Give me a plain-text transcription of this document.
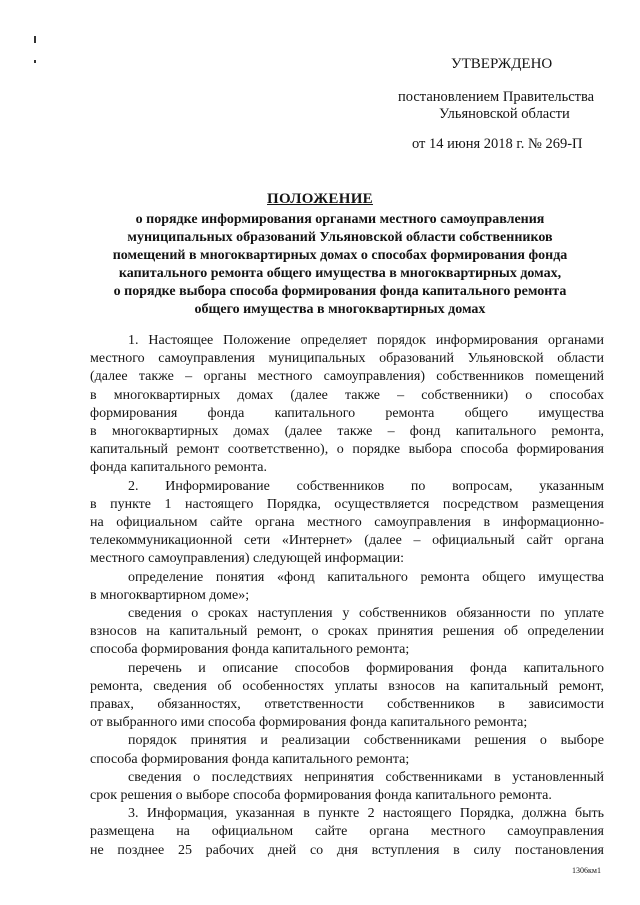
УТВЕРЖДЕНО
постановлением Правительства
Ульяновской области
от 14 июня 2018 г. № 269-П
ПОЛОЖЕНИЕ
о порядке информирования органами местного самоуправления
муниципальных образований Ульяновской области собственников
помещений в многоквартирных домах о способах формирования фонда
капитального ремонта общего имущества в многоквартирных домах,
о порядке выбора способа формирования фонда капитального ремонта
общего имущества в многоквартирных домах
1. Настоящее Положение определяет порядок информирования органами
местного самоуправления муниципальных образований Ульяновской области
(далее также – органы местного самоуправления) собственников помещений
в многоквартирных домах (далее также – собственники) о способах
формирования фонда капитального ремонта общего имущества
в многоквартирных домах (далее также – фонд капитального ремонта,
капитальный ремонт соответственно), о порядке выбора способа формирования
фонда капитального ремонта.
2. Информирование собственников по вопросам, указанным
в пункте 1 настоящего Порядка, осуществляется посредством размещения
на официальном сайте органа местного самоуправления в информационно-
телекоммуникационной сети «Интернет» (далее – официальный сайт органа
местного самоуправления) следующей информации:
определение понятия «фонд капитального ремонта общего имущества
в многоквартирном доме»;
сведения о сроках наступления у собственников обязанности по уплате
взносов на капитальный ремонт, о сроках принятия решения об определении
способа формирования фонда капитального ремонта;
перечень и описание способов формирования фонда капитального
ремонта, сведения об особенностях уплаты взносов на капитальный ремонт,
правах, обязанностях, ответственности собственников в зависимости
от выбранного ими способа формирования фонда капитального ремонта;
порядок принятия и реализации собственниками решения о выборе
способа формирования фонда капитального ремонта;
сведения о последствиях непринятия собственниками в установленный
срок решения о выборе способа формирования фонда капитального ремонта.
3. Информация, указанная в пункте 2 настоящего Порядка, должна быть
размещена на официальном сайте органа местного самоуправления
не позднее 25 рабочих дней со дня вступления в силу постановления
1306км1
